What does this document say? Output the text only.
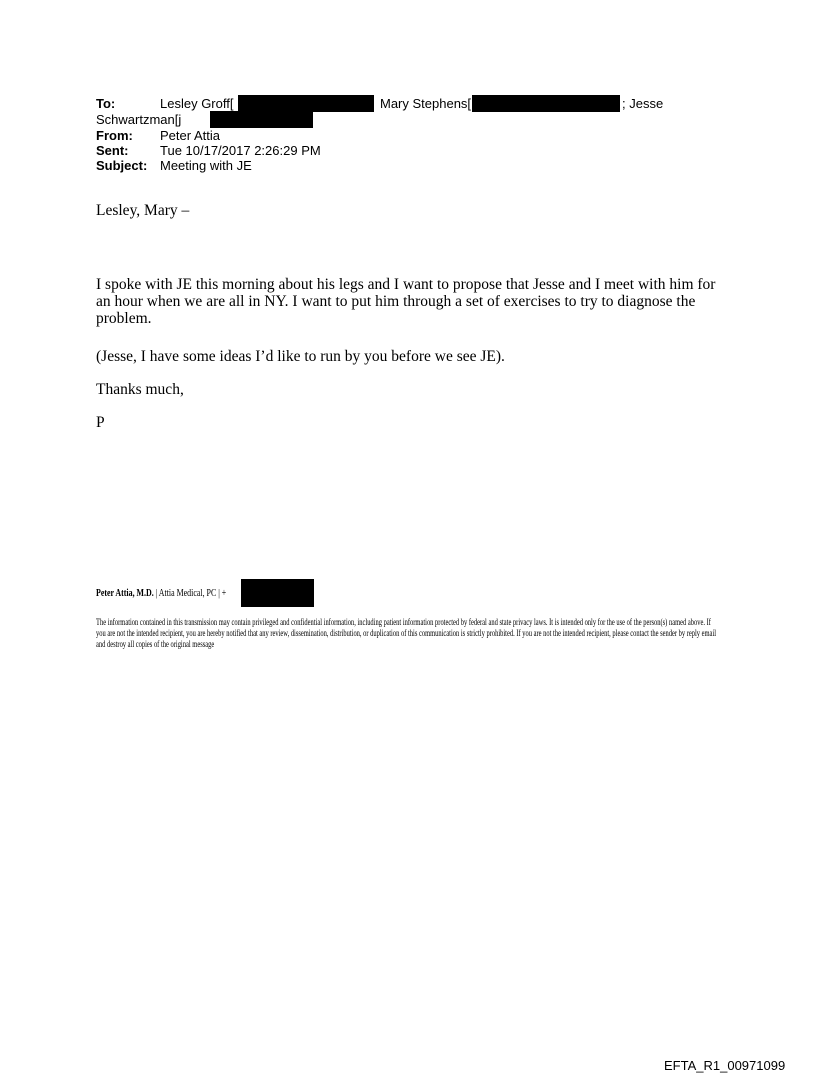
To:	Lesley Groff[	Mary Stephens[	; Jesse
Schwartzman[j
From: Peter Attia
Sent: Tue 10/17/2017 2:26:29 PM
Subject: Meeting with JE
Lesley, Mary –
I spoke with JE this morning about his legs and I want to propose that Jesse and I meet with him for an hour when we are all in NY. I want to put him through a set of exercises to try to diagnose the problem.
(Jesse, I have some ideas I’d like to run by you before we see JE).
Thanks much,
P
Peter Attia, M.D. | Attia Medical, PC | +
The information contained in this transmission may contain privileged and confidential information, including patient information protected by federal and state privacy laws. It is intended only for the use of the person(s) named above. If you are not the intended recipient, you are hereby notified that any review, dissemination, distribution, or duplication of this communication is strictly prohibited. If you are not the intended recipient, please contact the sender by reply email and destroy all copies of the original message
EFTA_R1_00971099
